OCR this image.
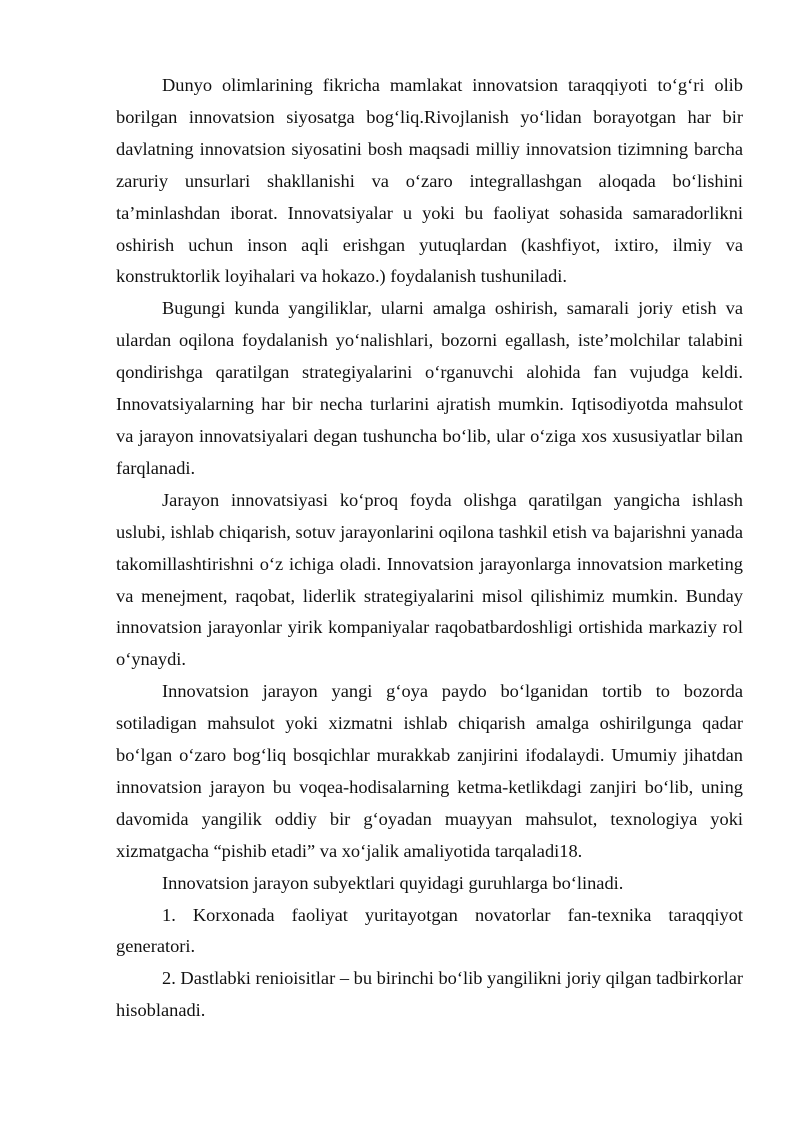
Dunyo olimlarining fikricha mamlakat innovatsion taraqqiyoti to‘g‘ri olib borilgan innovatsion siyosatga bog‘liq.Rivojlanish yo‘lidan borayotgan har bir davlatning innovatsion siyosatini bosh maqsadi milliy innovatsion tizimning barcha zaruriy unsurlari shakllanishi va o‘zaro integrallashgan aloqada bo‘lishini ta’minlashdan iborat. Innovatsiyalar u yoki bu faoliyat sohasida samaradorlikni oshirish uchun inson aqli erishgan yutuqlardan (kashfiyot, ixtiro, ilmiy va konstruktorlik loyihalari va hokazo.) foydalanish tushuniladi.

Bugungi kunda yangiliklar, ularni amalga oshirish, samarali joriy etish va ulardan oqilona foydalanish yo‘nalishlari, bozorni egallash, iste’molchilar talabini qondirishga qaratilgan strategiyalarini o‘rganuvchi alohida fan vujudga keldi. Innovatsiyalarning har bir necha turlarini ajratish mumkin. Iqtisodiyotda mahsulot va jarayon innovatsiyalari degan tushuncha bo‘lib, ular o‘ziga xos xususiyatlar bilan farqlanadi.

Jarayon innovatsiyasi ko‘proq foyda olishga qaratilgan yangicha ishlash uslubi, ishlab chiqarish, sotuv jarayonlarini oqilona tashkil etish va bajarishni yanada takomillashtirishni o‘z ichiga oladi. Innovatsion jarayonlarga innovatsion marketing va menejment, raqobat, liderlik strategiyalarini misol qilishimiz mumkin. Bunday innovatsion jarayonlar yirik kompaniyalar raqobatbardoshligi ortishida markaziy rol o‘ynaydi.

Innovatsion jarayon yangi g‘oya paydo bo‘lganidan tortib to bozorda sotiladigan mahsulot yoki xizmatni ishlab chiqarish amalga oshirilgunga qadar bo‘lgan o‘zaro bog‘liq bosqichlar murakkab zanjirini ifodalaydi. Umumiy jihatdan innovatsion jarayon bu voqea-hodisalarning ketma-ketlikdagi zanjiri bo‘lib, uning davomida yangilik oddiy bir g‘oyadan muayyan mahsulot, texnologiya yoki xizmatgacha “pishib etadi” va xo‘jalik amaliyotida tarqaladi18.

Innovatsion jarayon subyektlari quyidagi guruhlarga bo‘linadi.

1. Korxonada faoliyat yuritayotgan novatorlar fan-texnika taraqqiyot generatori.

2. Dastlabki renioisitlar – bu birinchi bo‘lib yangilikni joriy qilgan tadbirkorlar hisoblanadi.
